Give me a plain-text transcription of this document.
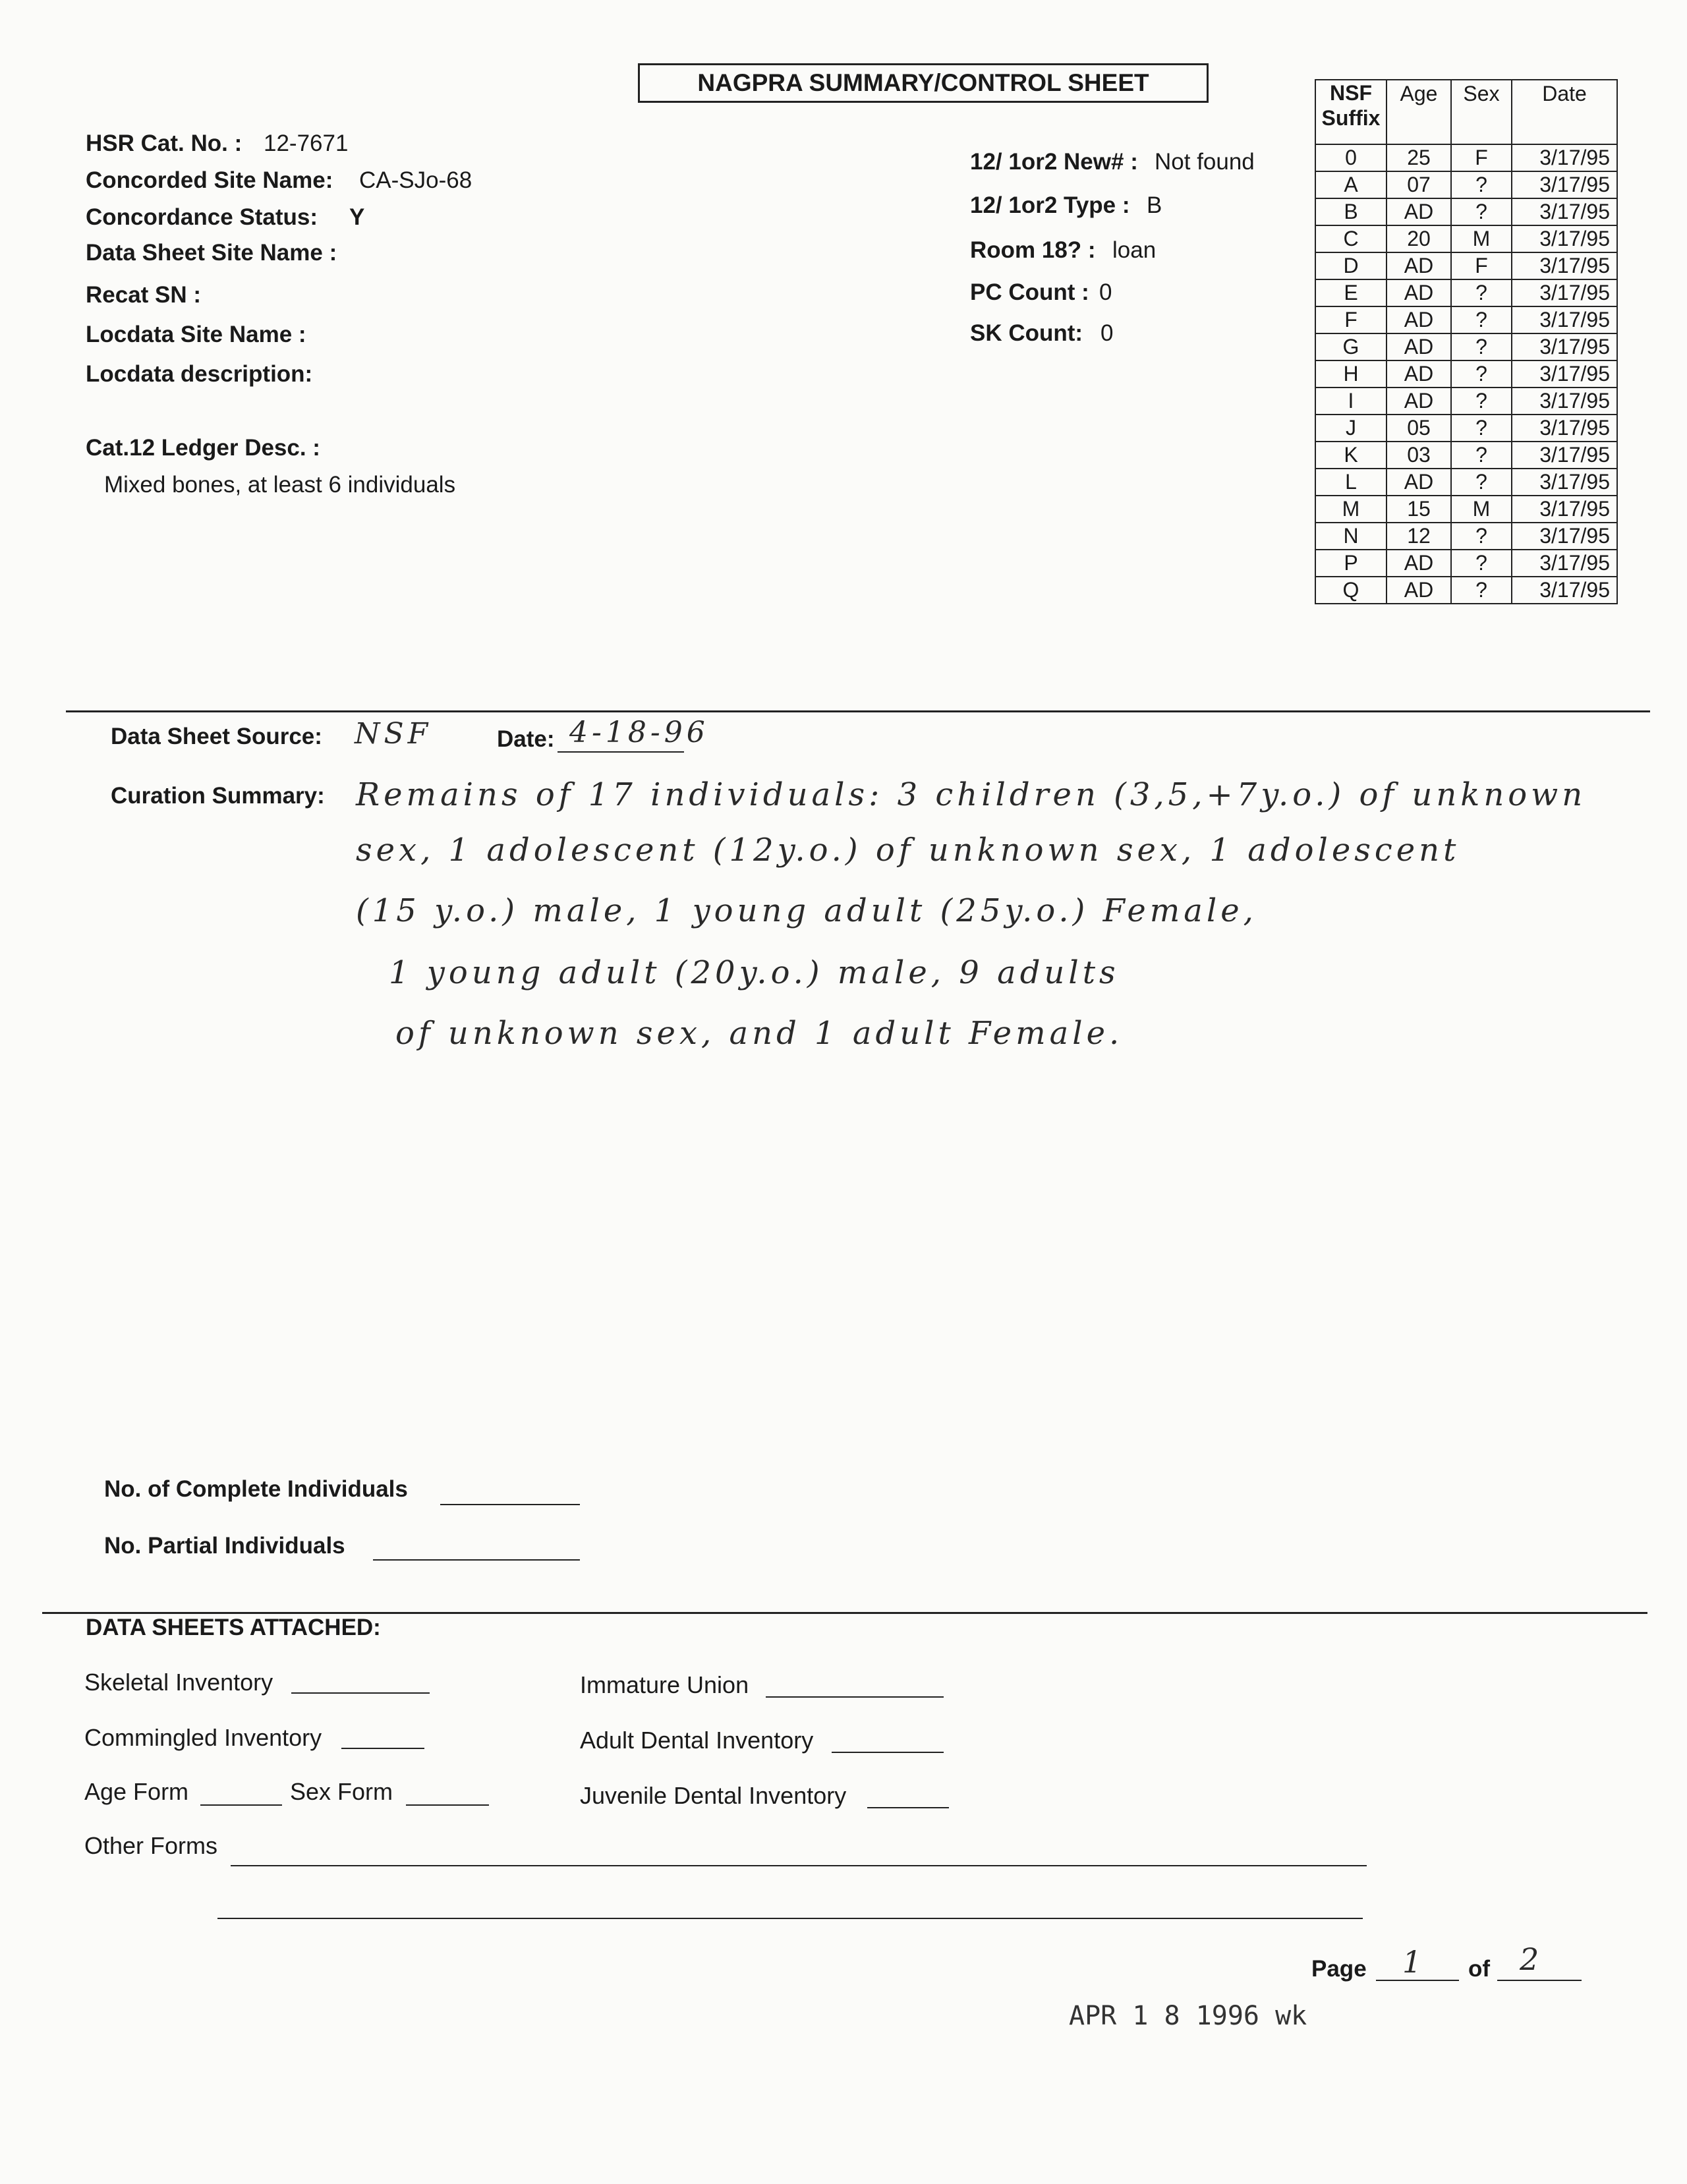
NAGPRA SUMMARY/CONTROL SHEET
HSR Cat. No. : 12-7671
Concorded Site Name: CA-SJo-68
Concordance Status: Y
Data Sheet Site Name :
Recat SN :
Locdata Site Name :
Locdata description:
Cat.12 Ledger Desc. :
Mixed bones, at least 6 individuals
12/ 1or2 New# : Not found
12/ 1or2 Type : B
Room 18? : loan
PC Count : 0
SK Count: 0
NSF Suffix	Age	Sex	Date
0	25	F	3/17/95
A	07	?	3/17/95
B	AD	?	3/17/95
C	20	M	3/17/95
D	AD	F	3/17/95
E	AD	?	3/17/95
F	AD	?	3/17/95
G	AD	?	3/17/95
H	AD	?	3/17/95
I	AD	?	3/17/95
J	05	?	3/17/95
K	03	?	3/17/95
L	AD	?	3/17/95
M	15	M	3/17/95
N	12	?	3/17/95
P	AD	?	3/17/95
Q	AD	?	3/17/95
Data Sheet Source: NSF	Date: 4-18-96
Curation Summary: Remains of 17 individuals: 3 children (3,5,+7y.o.) of unknown
sex, 1 adolescent (12y.o.) of unknown sex, 1 adolescent
(15 y.o.) male, 1 young adult (25y.o.) Female,
1 young adult (20y.o.) male, 9 adults
of unknown sex, and 1 adult Female.
No. of Complete Individuals
No. Partial Individuals
DATA SHEETS ATTACHED:
Skeletal Inventory
Commingled Inventory
Age Form	Sex Form
Other Forms
Immature Union
Adult Dental Inventory
Juvenile Dental Inventory
Page 1 of 2
APR 1 8 1996 wk
